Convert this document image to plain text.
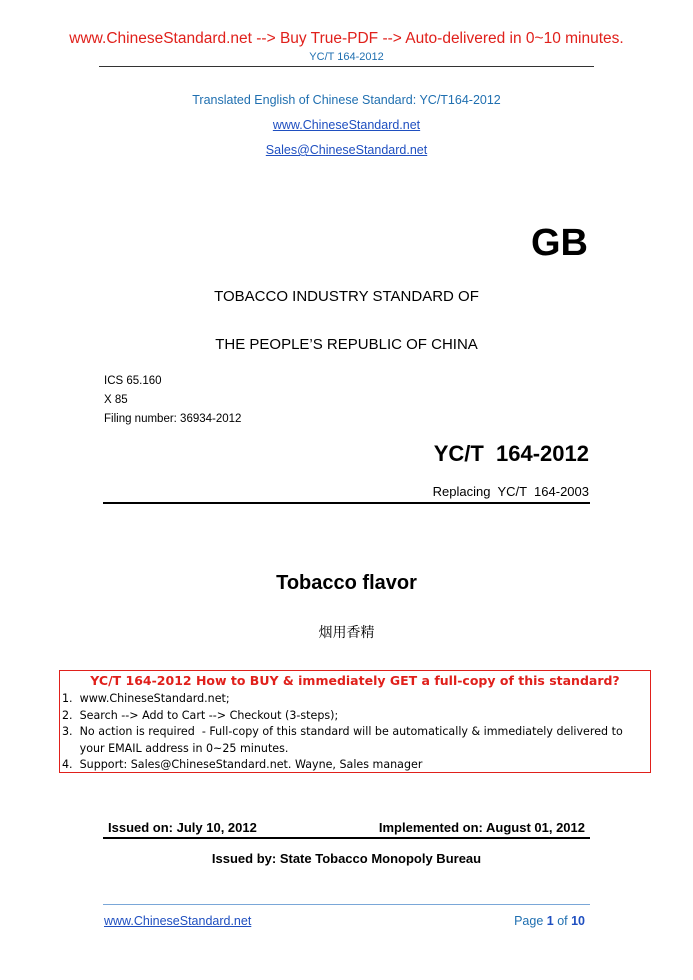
www.ChineseStandard.net --> Buy True-PDF --> Auto-delivered in 0~10 minutes.
YC/T 164-2012
Translated English of Chinese Standard: YC/T164-2012
www.ChineseStandard.net
Sales@ChineseStandard.net
GB
TOBACCO INDUSTRY STANDARD OF
THE PEOPLE’S REPUBLIC OF CHINA
ICS 65.160
X 85
Filing number: 36934-2012
YC/T  164-2012
Replacing  YC/T  164-2003
Tobacco flavor
烟用香精
YC/T 164-2012 How to BUY & immediately GET a full-copy of this standard?
1.  www.ChineseStandard.net;
2.  Search --> Add to Cart --> Checkout (3-steps);
3.  No action is required  - Full-copy of this standard will be automatically & immediately delivered to
your EMAIL address in 0~25 minutes.
4.  Support: Sales@ChineseStandard.net. Wayne, Sales manager
Issued on: July 10, 2012	Implemented on: August 01, 2012
Issued by: State Tobacco Monopoly Bureau
www.ChineseStandard.net	Page 1 of 10
